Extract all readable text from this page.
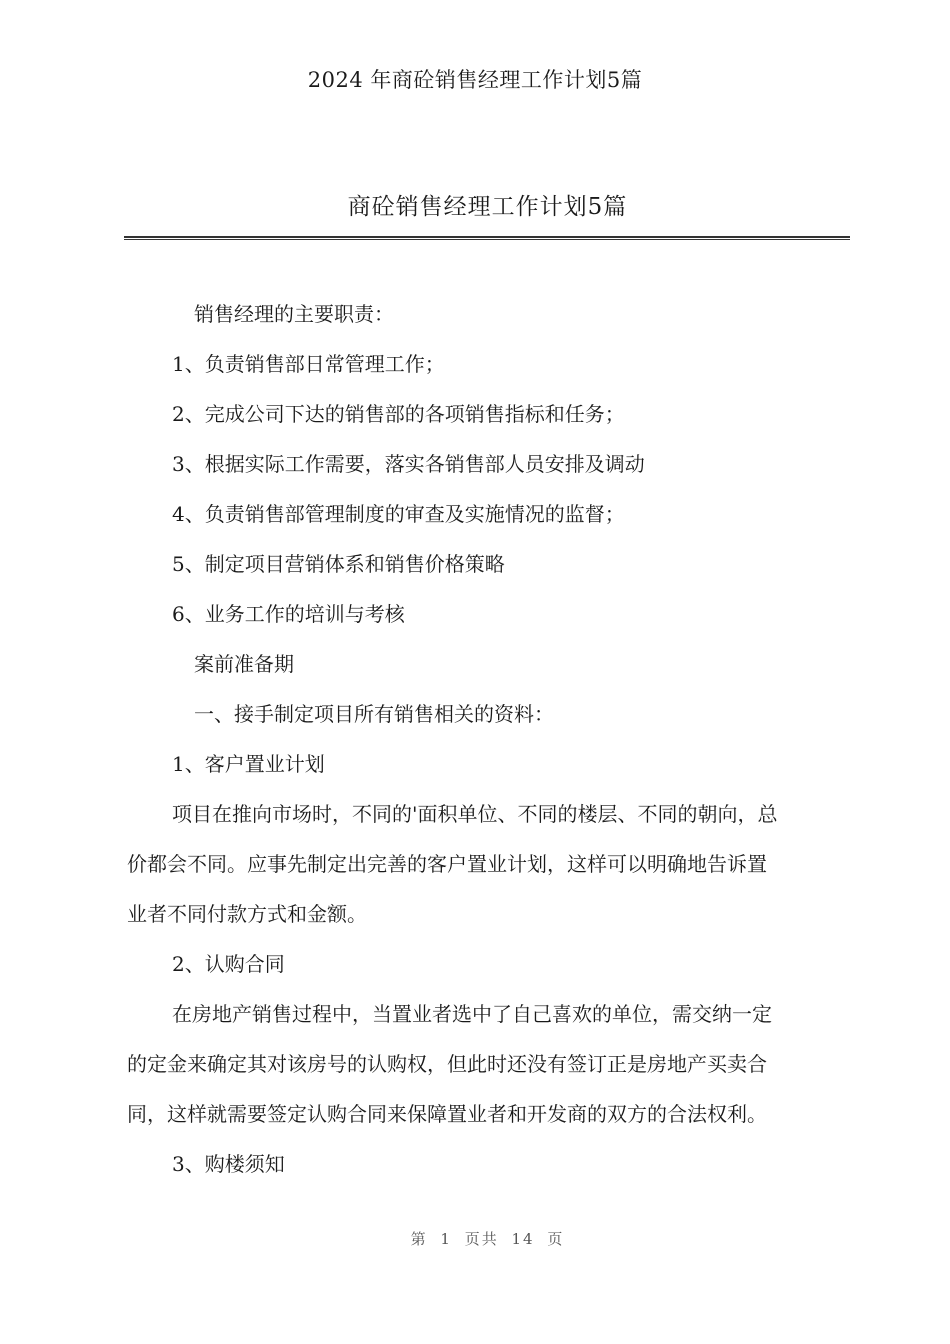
2024 年商砼销售经理工作计划5篇
商砼销售经理工作计划5篇
销售经理的主要职责：
1、负责销售部日常管理工作；
2、完成公司下达的销售部的各项销售指标和任务；
3、根据实际工作需要，落实各销售部人员安排及调动
4、负责销售部管理制度的审查及实施情况的监督；
5、制定项目营销体系和销售价格策略
6、业务工作的培训与考核
案前准备期
一、接手制定项目所有销售相关的资料：
1、客户置业计划
项目在推向市场时，不同的'面积单位、不同的楼层、不同的朝向，总
价都会不同。应事先制定出完善的客户置业计划，这样可以明确地告诉置
业者不同付款方式和金额。
2、认购合同
在房地产销售过程中，当置业者选中了自己喜欢的单位，需交纳一定
的定金来确定其对该房号的认购权，但此时还没有签订正是房地产买卖合
同，这样就需要签定认购合同来保障置业者和开发商的双方的合法权利。
3、购楼须知
第 1 页共 14 页
